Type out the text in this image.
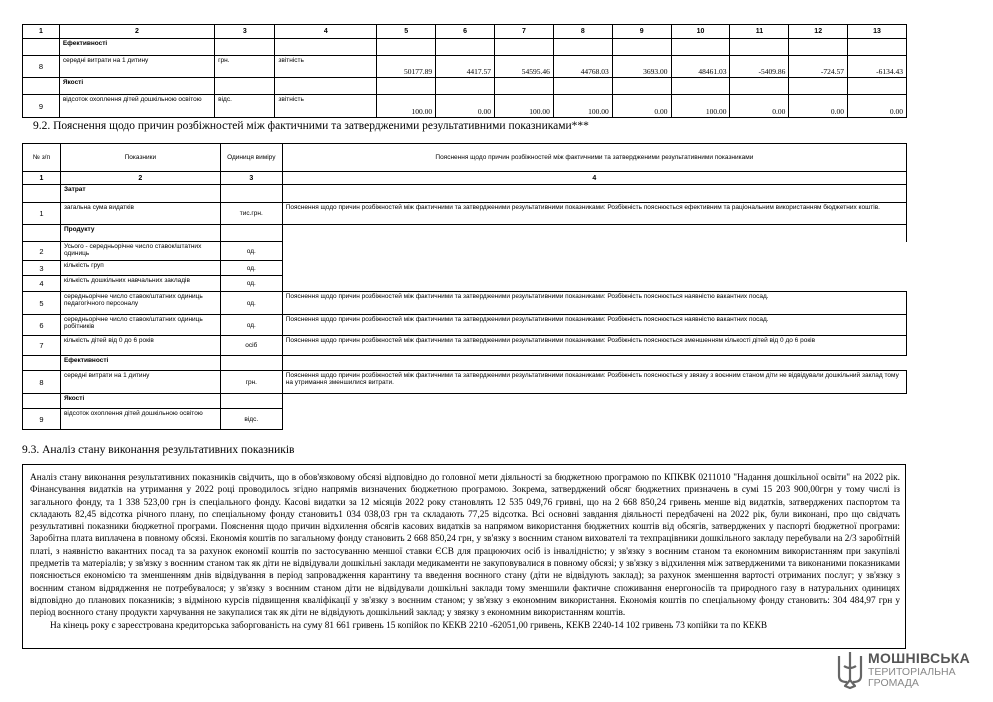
1	2	3	4	5	6	7	8	9	10	11	12	13
	Ефективності											
8	середні витрати на 1 дитину	грн.	звітність	50177.89	4417.57	54595.46	44768.03	3693.00	48461.03	-5409.86	-724.57	-6134.43
	Якості											
9	відсоток охоплення дітей дошкільною освітою	відс.	звітність	100.00	0.00	100.00	100.00	0.00	100.00	0.00	0.00	0.00
9.2. Пояснення щодо причин розбіжностей між фактичними та затвердженими результативними показниками***
№ з/п	Показники	Одиниця виміру	Пояснення щодо причин розбіжностей між фактичними та затвердженими результативними показниками
1	2	3	4
	Затрат		
1	загальна сума видатків	тис.грн.	Пояснення щодо причин розбіжностей між фактичними та затвердженими результативними показниками: Розбіжність пояснюється ефективним та раціональним використанням бюджетних коштів.
	Продукту		
2	Усього - середньорічне число ставок/штатних одиниць	од.	
3	кількість груп	од.	
4	кількість дошкільних навчальних закладів	од.	
5	середньорічне число ставок/штатних одиниць педагогічного персоналу	од.	Пояснення щодо причин розбіжностей між фактичними та затвердженими результативними показниками: Розбіжність пояснюється наявністю вакантних посад.
6	середньорічне число ставок/штатних одиниць робітників	од.	Пояснення щодо причин розбіжностей між фактичними та затвердженими результативними показниками: Розбіжність пояснюється наявністю вакантних посад.
7	кількість дітей від 0 до 6 років	осіб	Пояснення щодо причин розбіжностей між фактичними та затвердженими результативними показниками: Розбіжність пояснюється зменшенням кількості дітей від 0 до 6 років
	Ефективності		
8	середні витрати на 1 дитину	грн.	Пояснення щодо причин розбіжностей між фактичними та затвердженими результативними показниками: Розбіжність пояснюється у звязку з воєнним станом діти не відвідували дошкільний заклад тому на утримання зменшилися витрати.
	Якості		
9	відсоток охоплення дітей дошкільною освітою	відс.	
9.3. Аналіз стану виконання результативних показників

Аналіз стану виконання результативних показників свідчить, що в обов'язковому обсязі відповідно до головної мети діяльності за бюджетною програмою по КПКВК 0211010 "Надання дошкільної освіти" на 2022 рік. Фінансування видатків на утримання у 2022 році проводилось згідно напрямів визначених бюджетною програмою. Зокрема, затверджений обсяг бюджетних призначень в сумі 15 203 900,00грн у тому числі із загального фонду, та 1 338 523,00 грн із спеціального фонду. Касові видатки за 12 місяців 2022 року становлять 12 535 049,76 гривні, що на 2 668 850,24 гривень менше від видатків, затверджених паспортом та складають 82,45 відсотка річного плану, по спеціальному фонду становить1 034 038,03 грн та складають 77,25 відсотка. Всі основні завдання діяльності передбачені на 2022 рік, були виконані, про що свідчать результативні показники бюджетної програми. Пояснення щодо причин відхилення обсягів касових видатків за напрямом використання бюджетних коштів від обсягів, затверджених у паспорті бюджетної програми: Заробітна плата виплачена в повному обсязі. Економія коштів по загальному фонду становить 2 668 850,24 грн, у зв'язку з воєнним станом вихователі та техпрацівники дошкільного закладу перебували на 2/3 заробітній платі, з наявністю вакантних посад та за рахунок економії коштів по застосуванню меншої ставки ЄСВ для працюючих осіб із інвалідністю; у зв'язку з воєнним станом та економним використанням при закупівлі предметів та матеріалів; у зв'язку з воєнним станом так як діти не відвідували дошкільні заклади медикаменти не закуповувалися в повному обсязі; у зв'язку з відхилення між затвердженими та виконаними показниками пояснюється економією та зменшенням днів відвідування в період запровадження карантину та введення воєнного стану (діти не відвідують заклад); за рахунок зменшення вартості отриманих послуг; у зв'язку з воєнним станом відрядження не потребувалося; у зв'язку з воєнним станом діти не відвідували дошкільні заклади тому зменшили фактичне споживання енергоносіїв та природного газу в натуральних одиницях відповідно до планових показників; з відміною курсів підвищення кваліфікації у зв'язку з воєнним станом; у зв'язку з економним використання. Економія коштів по спеціальному фонду становить: 304 484,97 грн у період воєнного стану продукти харчування не закупалися так як діти не відвідують дошкільний заклад; у звязку з економним використанням коштів.

На кінець року є зареєстрована кредиторська заборгованість на суму 81 661 гривень 15 копійок по КЕКВ 2210 -62051,00 гривень, КЕКВ 2240-14 102 гривень 73 копійки та по КЕКВ

МОШНІВСЬКА
ТЕРИТОРІАЛЬНА
ГРОМАДА
